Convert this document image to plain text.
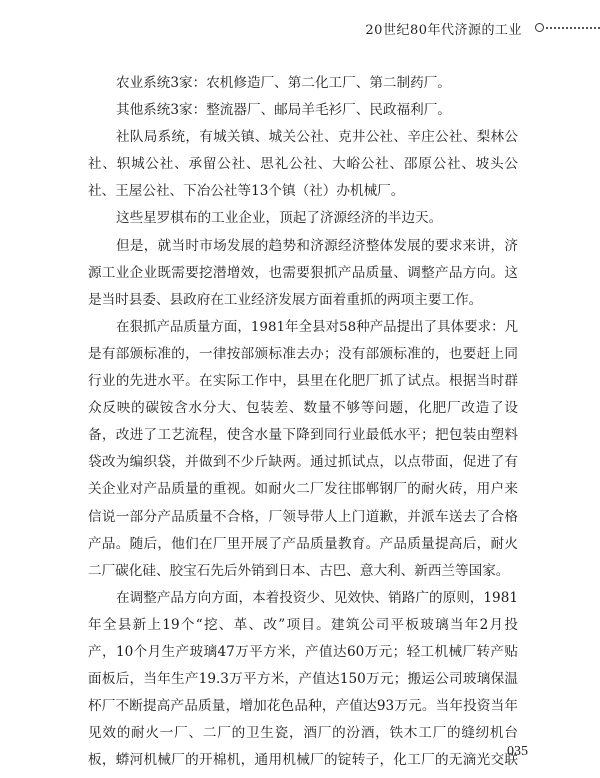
20世纪80年代济源的工业
农业系统3家：农机修造厂、第二化工厂、第二制药厂。
其他系统3家：整流器厂、邮局羊毛衫厂、民政福利厂。
社队局系统，有城关镇、城关公社、克井公社、辛庄公社、梨林公
社、轵城公社、承留公社、思礼公社、大峪公社、邵原公社、坡头公
社、王屋公社、下冶公社等13个镇（社）办机械厂。
这些星罗棋布的工业企业，顶起了济源经济的半边天。
但是，就当时市场发展的趋势和济源经济整体发展的要求来讲，济
源工业企业既需要挖潜增效，也需要狠抓产品质量、调整产品方向。这
是当时县委、县政府在工业经济发展方面着重抓的两项主要工作。
在狠抓产品质量方面，1981年全县对58种产品提出了具体要求：凡
是有部颁标准的，一律按部颁标准去办；没有部颁标准的，也要赶上同
行业的先进水平。在实际工作中，县里在化肥厂抓了试点。根据当时群
众反映的碳铵含水分大、包装差、数量不够等问题，化肥厂改造了设
备，改进了工艺流程，使含水量下降到同行业最低水平；把包装由塑料
袋改为编织袋，并做到不少斤缺两。通过抓试点，以点带面，促进了有
关企业对产品质量的重视。如耐火二厂发往邯郸钢厂的耐火砖，用户来
信说一部分产品质量不合格，厂领导带人上门道歉，并派车送去了合格
产品。随后，他们在厂里开展了产品质量教育。产品质量提高后，耐火
二厂碳化硅、胶宝石先后外销到日本、古巴、意大利、新西兰等国家。
在调整产品方向方面，本着投资少、见效快、销路广的原则，1981
年全县新上19个“挖、革、改”项目。建筑公司平板玻璃当年2月投
产，10个月生产玻璃47万平方米，产值达60万元；轻工机械厂转产贴
面板后，当年生产19.3万平方米，产值达150万元；搬运公司玻璃保温
杯厂不断提高产品质量，增加花色品种，产值达93万元。当年投资当年
见效的耐火一厂、二厂的卫生瓷，酒厂的汾酒，铁木工厂的缝纫机台
板，蟒河机械厂的开棉机，通用机械厂的锭转子，化工厂的无滴光交联
035
